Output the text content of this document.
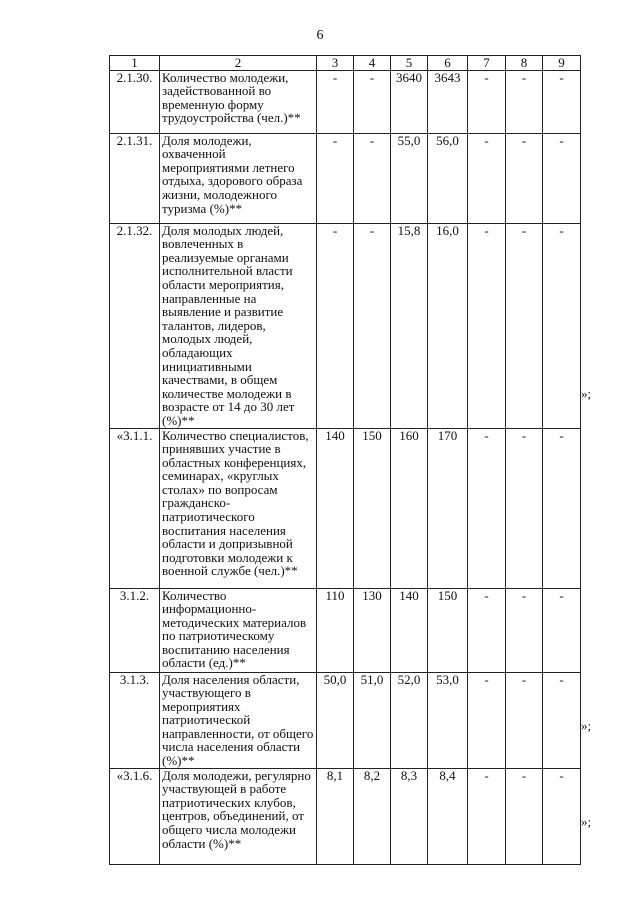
6
1	2	3	4	5	6	7	8	9
2.1.30.	Количество молодежи, задействованной во временную форму трудоустройства (чел.)**	-	-	3640	3643	-	-	-
2.1.31.	Доля молодежи, охваченной мероприятиями летнего отдыха, здорового образа жизни, молодежного туризма (%)**	-	-	55,0	56,0	-	-	-
2.1.32.	Доля молодых людей, вовлеченных в реализуемые органами исполнительной власти области мероприятия, направленные на выявление и развитие талантов, лидеров, молодых людей, обладающих инициативными качествами, в общем количестве молодежи в возрасте от 14 до 30 лет (%)**	-	-	15,8	16,0	-	-	-
«3.1.1.	Количество специалистов, принявших участие в областных конференциях, семинарах, «круглых столах» по вопросам гражданско-патриотического воспитания населения области и допризывной подготовки молодежи к военной службе (чел.)**	140	150	160	170	-	-	-
3.1.2.	Количество информационно-методических материалов по патриотическому воспитанию населения области (ед.)**	110	130	140	150	-	-	-
3.1.3.	Доля населения области, участвующего в мероприятиях патриотической направленности, от общего числа населения области (%)**	50,0	51,0	52,0	53,0	-	-	-
«3.1.6.	Доля молодежи, регулярно участвующей в работе патриотических клубов, центров, объединений, от общего числа молодежи области (%)**	8,1	8,2	8,3	8,4	-	-	-
»;
»;
»;
